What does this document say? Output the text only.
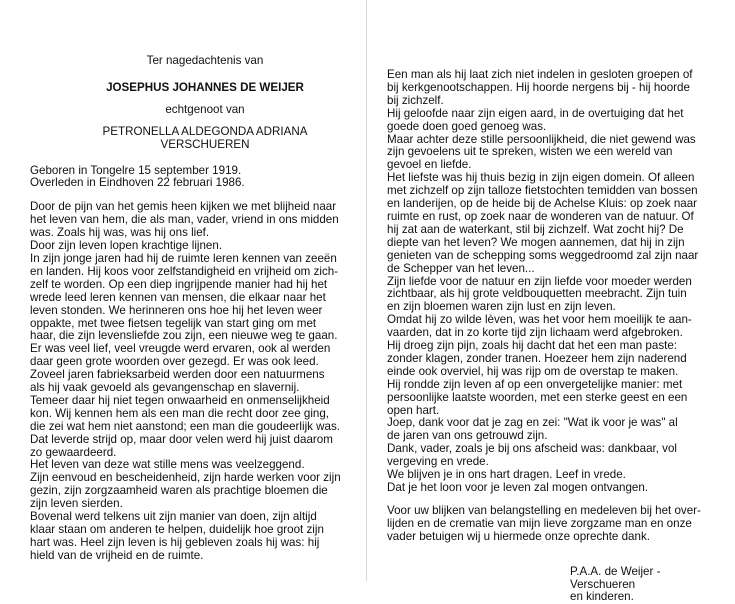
Ter nagedachtenis van

JOSEPHUS JOHANNES DE WEIJER

echtgenoot van

PETRONELLA ALDEGONDA ADRIANA

VERSCHUEREN

Geboren in Tongelre 15 september 1919.

Overleden in Eindhoven 22 februari 1986.

Door de pijn van het gemis heen kijken we met blijheid naar

het leven van hem, die als man, vader, vriend in ons midden

was. Zoals hij was, was hij ons lief.

Door zijn leven lopen krachtige lijnen.

In zijn jonge jaren had hij de ruimte leren kennen van zeeën

en landen. Hij koos voor zelfstandigheid en vrijheid om zich-

zelf te worden. Op een diep ingrijpende manier had hij het

wrede leed leren kennen van mensen, die elkaar naar het

leven stonden. We herinneren ons hoe hij het leven weer

oppakte, met twee fietsen tegelijk van start ging om met

haar, die zijn levensliefde zou zijn, een nieuwe weg te gaan.

Er was veel lief, veel vreugde werd ervaren, ook al werden

daar geen grote woorden over gezegd. Er was ook leed.

Zoveel jaren fabrieksarbeid werden door een natuurmens

als hij vaak gevoeld als gevangenschap en slavernij.

Temeer daar hij niet tegen onwaarheid en onmenselijkheid

kon. Wij kennen hem als een man die recht door zee ging,

die zei wat hem niet aanstond; een man die goudeerlijk was.

Dat leverde strijd op, maar door velen werd hij juist daarom

zo gewaardeerd.

Het leven van deze wat stille mens was veelzeggend.

Zijn eenvoud en bescheidenheid, zijn harde werken voor zijn

gezin, zijn zorgzaamheid waren als prachtige bloemen die

zijn leven sierden.

Bovenal werd telkens uit zijn manier van doen, zijn altijd

klaar staan om anderen te helpen, duidelijk hoe groot zijn

hart was. Heel zijn leven is hij gebleven zoals hij was: hij

hield van de vrijheid en de ruimte.

Een man als hij laat zich niet indelen in gesloten groepen of

bij kerkgenootschappen. Hij hoorde nergens bij - hij hoorde

bij zichzelf.

Hij geloofde naar zijn eigen aard, in de overtuiging dat het

goede doen goed genoeg was.

Maar achter deze stille persoonlijkheid, die niet gewend was

zijn gevoelens uit te spreken, wisten we een wereld van

gevoel en liefde.

Het liefste was hij thuis bezig in zijn eigen domein. Of alleen

met zichzelf op zijn talloze fietstochten temidden van bossen

en landerijen, op de heide bij de Achelse Kluis: op zoek naar

ruimte en rust, op zoek naar de wonderen van de natuur. Of

hij zat aan de waterkant, stil bij zichzelf. Wat zocht hij? De

diepte van het leven? We mogen aannemen, dat hij in zijn

genieten van de schepping soms weggedroomd zal zijn naar

de Schepper van het leven...

Zijn liefde voor de natuur en zijn liefde voor moeder werden

zichtbaar, als hij grote veldbouquetten meebracht. Zijn tuin

en zijn bloemen waren zijn lust en zijn leven.

Omdat hij zo wilde lèven, was het voor hem moeilijk te aan-

vaarden, dat in zo korte tijd zijn lichaam werd afgebroken.

Hij droeg zijn pijn, zoals hij dacht dat het een man paste:

zonder klagen, zonder tranen. Hoezeer hem zijn naderend

einde ook overviel, hij was rijp om de overstap te maken.

Hij rondde zijn leven af op een onvergetelijke manier: met

persoonlijke laatste woorden, met een sterke geest en een

open hart.

Joep, dank voor dat je zag en zei: "Wat ik voor je was" al

de jaren van ons getrouwd zijn.

Dank, vader, zoals je bij ons afscheid was: dankbaar, vol

vergeving en vrede.

We blijven je in ons hart dragen. Leef in vrede.

Dat je het loon voor je leven zal mogen ontvangen.

Voor uw blijken van belangstelling en medeleven bij het over-

lijden en de crematie van mijn lieve zorgzame man en onze

vader betuigen wij u hiermede onze oprechte dank.

P.A.A. de Weijer - Verschueren

en kinderen.
